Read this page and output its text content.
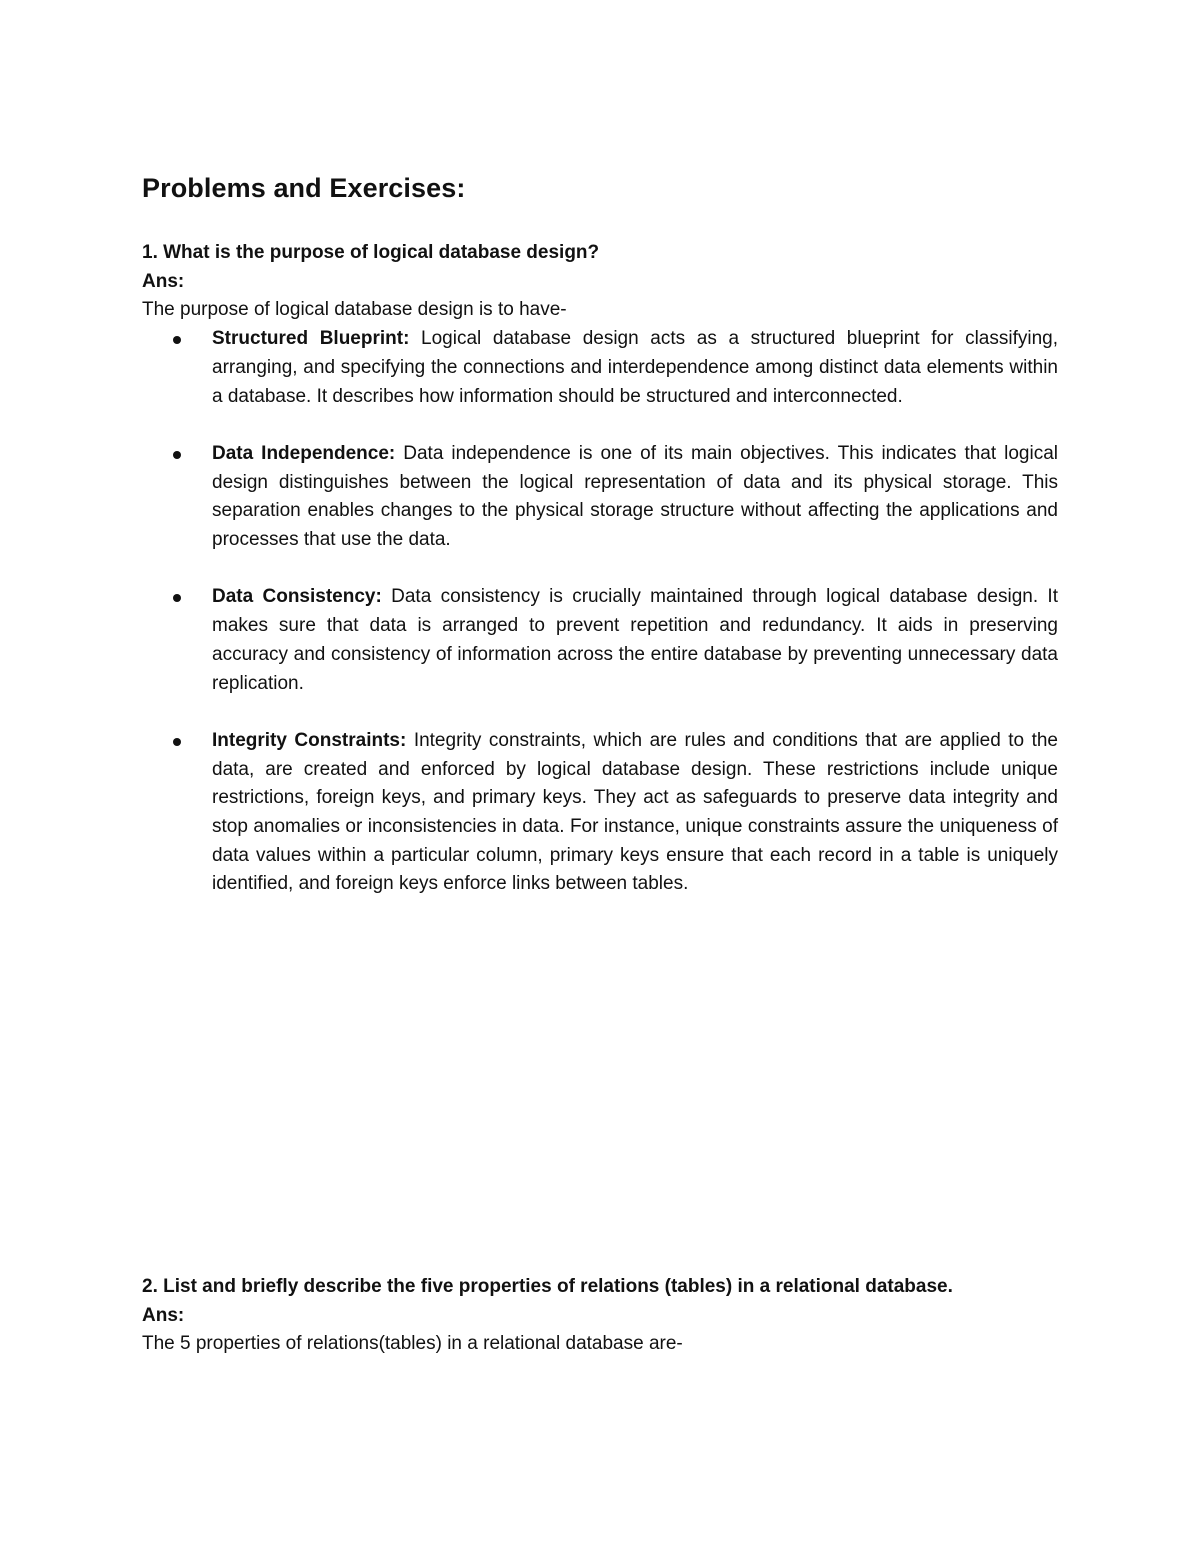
Problems and Exercises:
1. What is the purpose of logical database design?
Ans:
The purpose of logical database design is to have-
Structured Blueprint: Logical database design acts as a structured blueprint for classifying, arranging, and specifying the connections and interdependence among distinct data elements within a database. It describes how information should be structured and interconnected.
Data Independence: Data independence is one of its main objectives. This indicates that logical design distinguishes between the logical representation of data and its physical storage. This separation enables changes to the physical storage structure without affecting the applications and processes that use the data.
Data Consistency: Data consistency is crucially maintained through logical database design. It makes sure that data is arranged to prevent repetition and redundancy. It aids in preserving accuracy and consistency of information across the entire database by preventing unnecessary data replication.
Integrity Constraints: Integrity constraints, which are rules and conditions that are applied to the data, are created and enforced by logical database design. These restrictions include unique restrictions, foreign keys, and primary keys. They act as safeguards to preserve data integrity and stop anomalies or inconsistencies in data. For instance, unique constraints assure the uniqueness of data values within a particular column, primary keys ensure that each record in a table is uniquely identified, and foreign keys enforce links between tables.
2. List and briefly describe the five properties of relations (tables) in a relational database.
Ans:
The 5 properties of relations(tables) in a relational database are-
